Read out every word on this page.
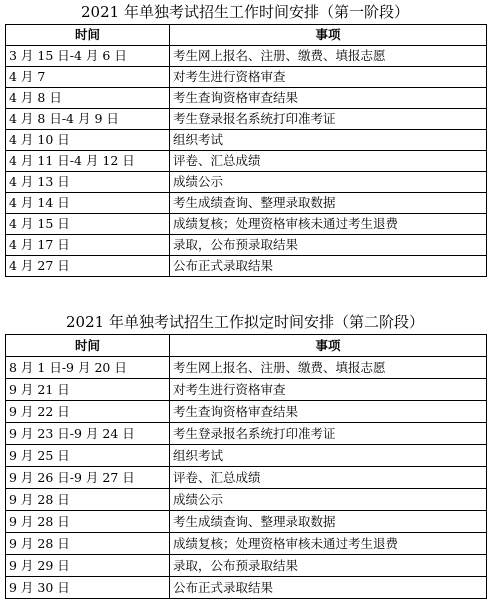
2021 年单独考试招生工作时间安排（第一阶段）
时间	事项
3 月 15 日-4 月 6 日	考生网上报名、注册、缴费、填报志愿
4 月 7	对考生进行资格审查
4 月 8 日	考生查询资格审查结果
4 月 8 日-4 月 9 日	考生登录报名系统打印准考证
4 月 10 日	组织考试
4 月 11 日-4 月 12 日	评卷、汇总成绩
4 月 13 日	成绩公示
4 月 14 日	考生成绩查询、整理录取数据
4 月 15 日	成绩复核；处理资格审核未通过考生退费
4 月 17 日	录取，公布预录取结果
4 月 27 日	公布正式录取结果
2021 年单独考试招生工作拟定时间安排（第二阶段）
时间	事项
8 月 1 日-9 月 20 日	考生网上报名、注册、缴费、填报志愿
9 月 21 日	对考生进行资格审查
9 月 22 日	考生查询资格审查结果
9 月 23 日-9 月 24 日	考生登录报名系统打印准考证
9 月 25 日	组织考试
9 月 26 日-9 月 27 日	评卷、汇总成绩
9 月 28 日	成绩公示
9 月 28 日	考生成绩查询、整理录取数据
9 月 28 日	成绩复核；处理资格审核未通过考生退费
9 月 29 日	录取，公布预录取结果
9 月 30 日	公布正式录取结果
